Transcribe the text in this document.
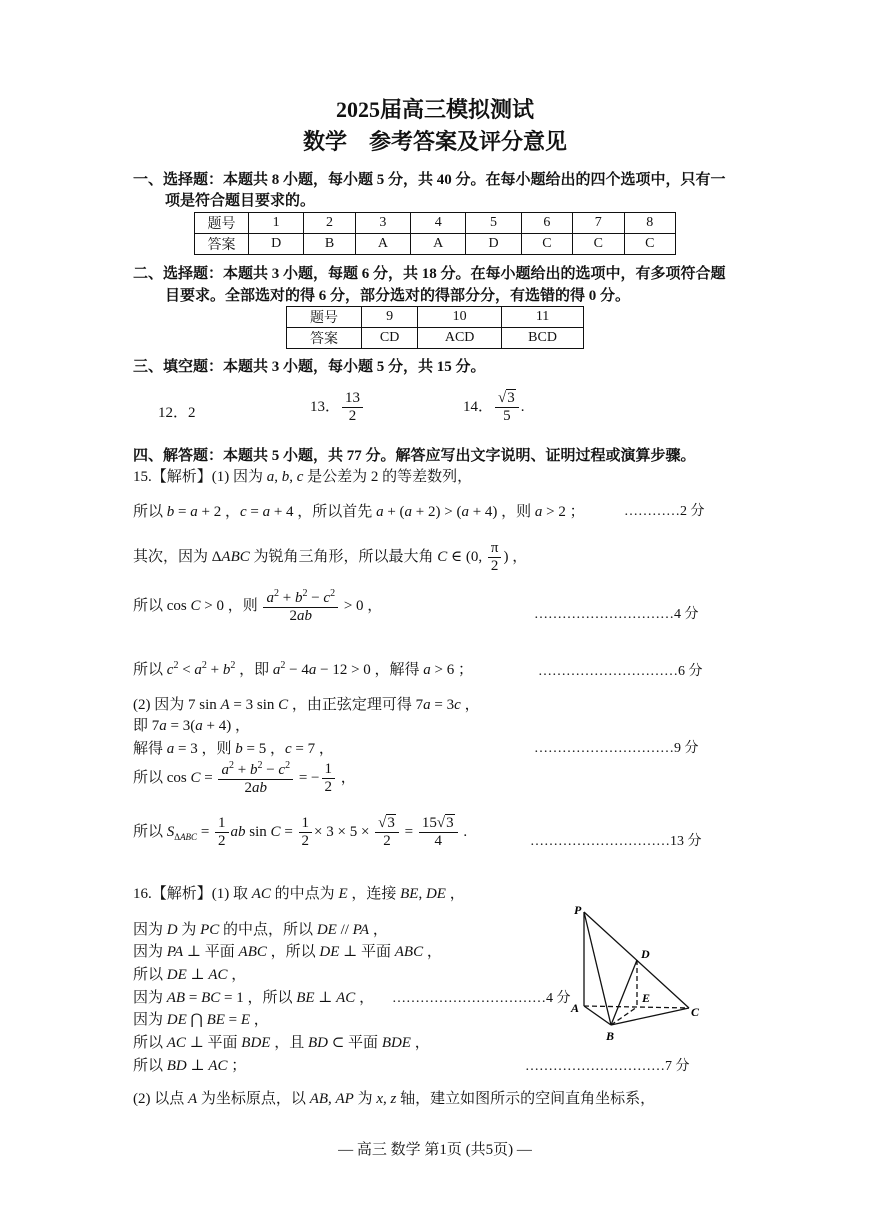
2025届高三模拟测试
数学　参考答案及评分意见
一、选择题：本题共 8 小题，每小题 5 分，共 40 分。在每小题给出的四个选项中，只有一
项是符合题目要求的。
题号	1	2	3	4	5	6	7	8
答案	D	B	A	A	D	C	C	C
二、选择题：本题共 3 小题，每题 6 分，共 18 分。在每小题给出的选项中，有多项符合题
目要求。全部选对的得 6 分，部分选对的得部分分，有选错的得 0 分。
题号	9	10	11
答案	CD	ACD	BCD
三、填空题：本题共 3 小题，每小题 5 分，共 15 分。
12．2	13． $\frac{13}{2}$	14． $\frac{√3}{5}$ .
四、解答题：本题共 5 小题，共 77 分。解答应写出文字说明、证明过程或演算步骤。
15.【解析】(1) 因为 a, b, c 是公差为 2 的等差数列，
所以 b = a + 2 ，c = a + 4 ，所以首先 a + (a + 2) > (a + 4) ，则 a > 2 ；	…………2 分
其次，因为 ΔABC 为锐角三角形，所以最大角 C ∈ (0, $\frac{\pi}{2}$ ) ，
所以 cos C > 0 ，则 $\frac{a^2 + b^2 - c^2}{2ab} > 0$ ，
…………………………4 分
所以 $c^2 < a^2 + b^2$ ，即 $a^2 - 4a - 12 > 0$ ，解得 a > 6 ；	…………………………6 分
(2) 因为 7 sin A = 3 sin C ，由正弦定理可得 7a = 3c ，
即 7a = 3(a + 4) ，
解得 a = 3 ，则 b = 5 ，c = 7 ，	…………………………9 分
所以 $\cos C = \frac{a^2 + b^2 - c^2}{2ab}$ = − $\frac{1}{2}$ ，
所以 $S_{\Delta ABC} = \frac{1}{2}$ ab $\sin C = \frac{1}{2} \times 3 \times 5 \times \frac{√3}{2} = \frac{15√3}{4}$ .
…………………………13 分
16.【解析】(1) 取 AC 的中点为 E ，连接 BE, DE ，
因为 D 为 PC 的中点，所以 DE // PA ，
因为 PA ⊥ 平面 ABC ，所以 DE ⊥ 平面 ABC ，
所以 DE ⊥ AC ，
因为 AB = BC = 1 ，所以 BE ⊥ AC ， ……………………………4 分
因为 DE ⋂ BE = E ，
所以 AC ⊥ 平面 BDE ，且 BD ⊂ 平面 BDE ，
所以 BD ⊥ AC ；	…………………………7 分
(2) 以点 A 为坐标原点，以 AB, AP 为 x, z 轴，建立如图所示的空间直角坐标系，
P
A
B
C
D
E
— 高三 数学 第1页 (共5页) —
